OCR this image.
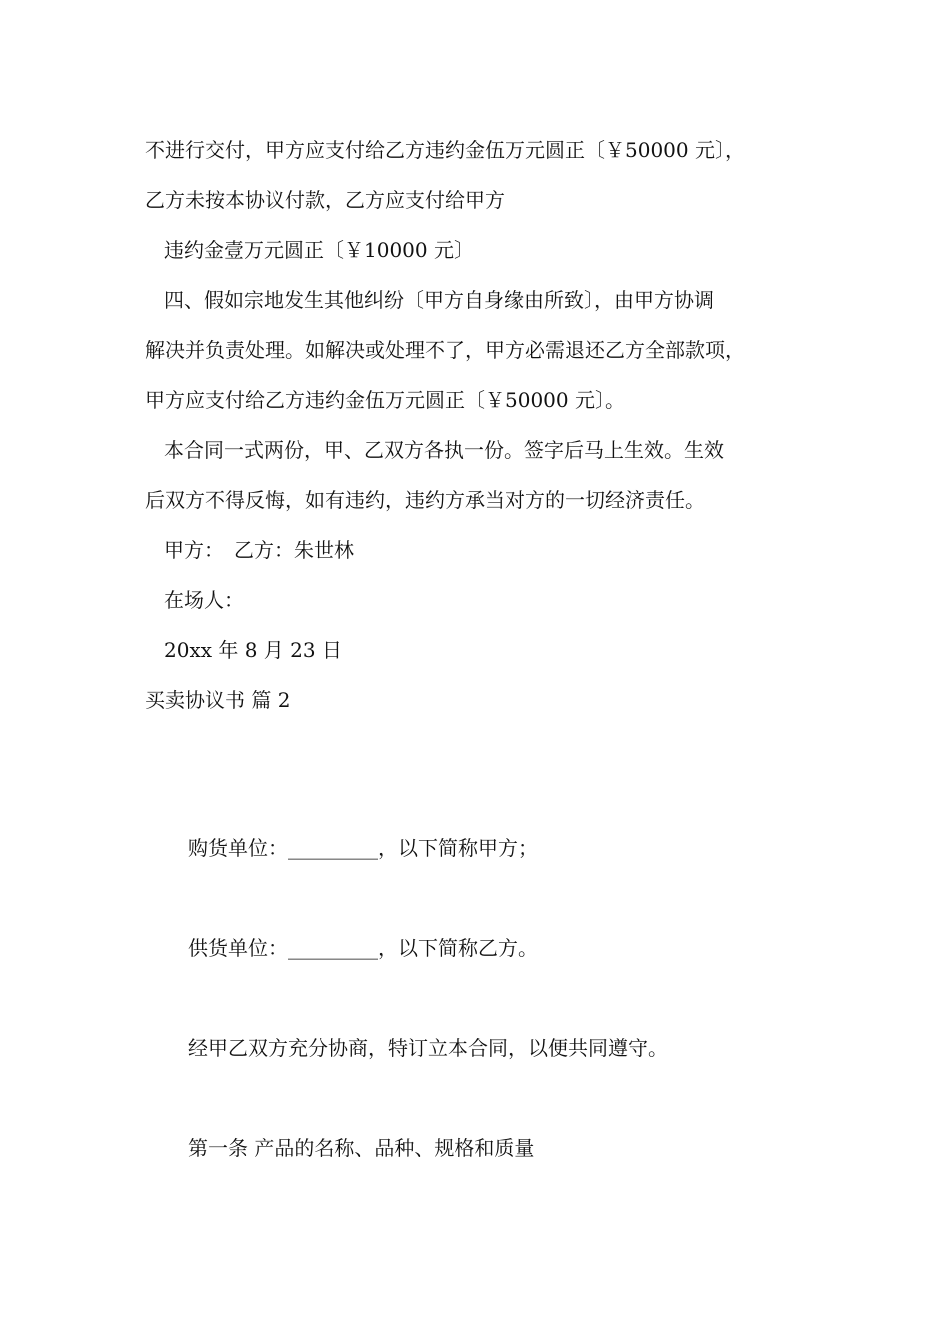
不进行交付，甲方应支付给乙方违约金伍万元圆正〔￥50000 元〕，
乙方未按本协议付款，乙方应支付给甲方
违约金壹万元圆正〔￥10000 元〕
四、假如宗地发生其他纠纷〔甲方自身缘由所致〕，由甲方协调
解决并负责处理。如解决或处理不了，甲方必需退还乙方全部款项，
甲方应支付给乙方违约金伍万元圆正〔￥50000 元〕。
本合同一式两份，甲、乙双方各执一份。签字后马上生效。生效
后双方不得反悔，如有违约，违约方承当对方的一切经济责任。
甲方：　乙方：朱世林
在场人：
20xx 年 8 月 23 日
买卖协议书 篇 2
购货单位：_________，以下简称甲方；
供货单位：_________，以下简称乙方。
经甲乙双方充分协商，特订立本合同，以便共同遵守。
第一条 产品的名称、品种、规格和质量
